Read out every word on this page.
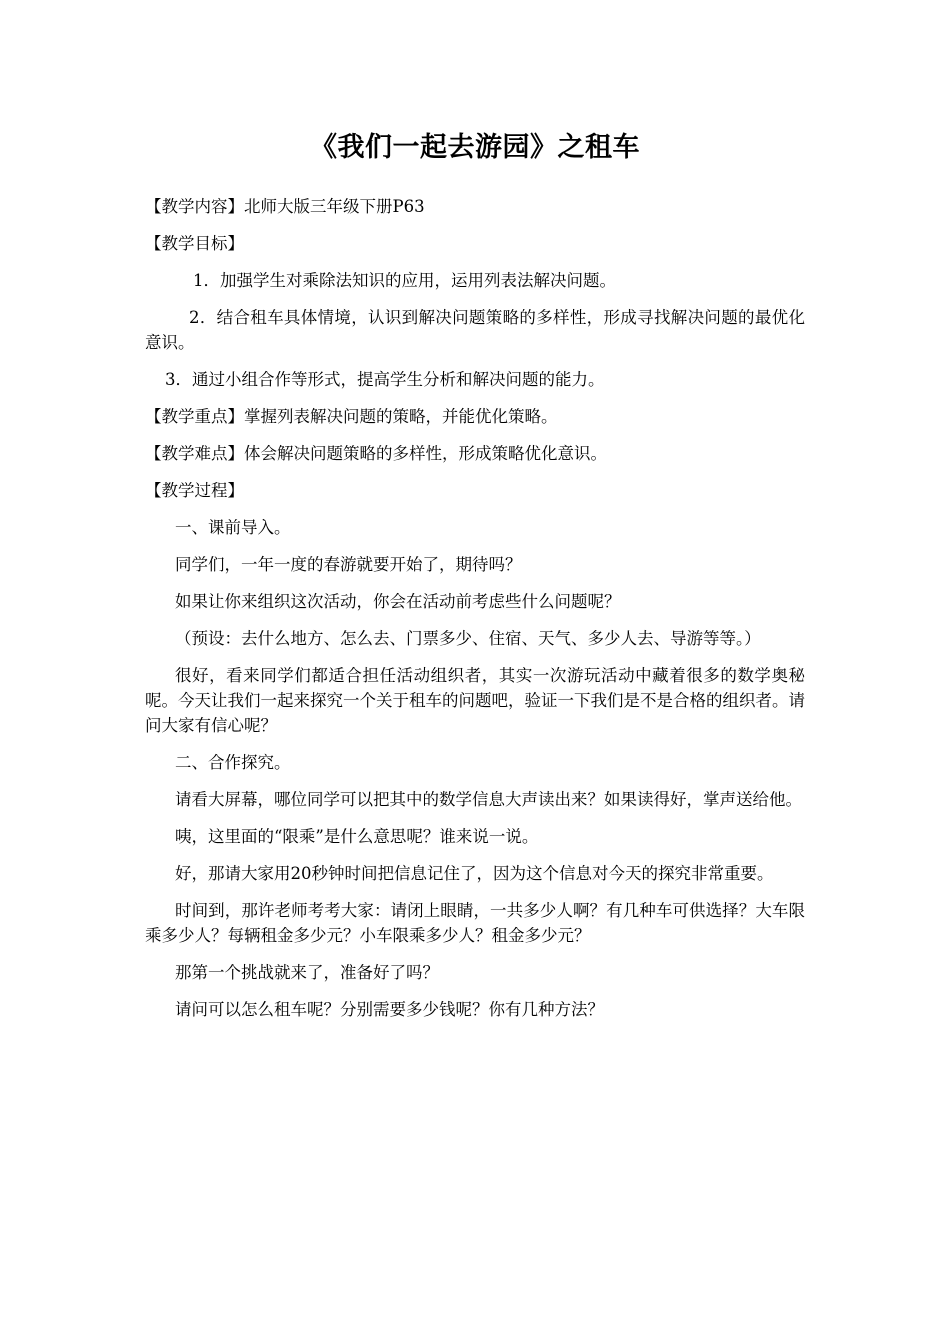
《我们一起去游园》之租车

【教学内容】北师大版三年级下册P63

【教学目标】

1．加强学生对乘除法知识的应用，运用列表法解决问题。

2．结合租车具体情境，认识到解决问题策略的多样性，形成寻找解决问题的最优化意识。

3．通过小组合作等形式，提高学生分析和解决问题的能力。

【教学重点】掌握列表解决问题的策略，并能优化策略。

【教学难点】体会解决问题策略的多样性，形成策略优化意识。

【教学过程】

一、课前导入。

同学们，一年一度的春游就要开始了，期待吗？

如果让你来组织这次活动，你会在活动前考虑些什么问题呢？

（预设：去什么地方、怎么去、门票多少、住宿、天气、多少人去、导游等等。）

很好，看来同学们都适合担任活动组织者，其实一次游玩活动中藏着很多的数学奥秘呢。今天让我们一起来探究一个关于租车的问题吧，验证一下我们是不是合格的组织者。请问大家有信心呢？

二、合作探究。

请看大屏幕，哪位同学可以把其中的数学信息大声读出来？如果读得好，掌声送给他。

咦，这里面的“限乘”是什么意思呢？谁来说一说。

好，那请大家用20秒钟时间把信息记住了，因为这个信息对今天的探究非常重要。

时间到，那许老师考考大家：请闭上眼睛，一共多少人啊？有几种车可供选择？大车限乘多少人？每辆租金多少元？小车限乘多少人？租金多少元？

那第一个挑战就来了，准备好了吗？

请问可以怎么租车呢？分别需要多少钱呢？你有几种方法？
